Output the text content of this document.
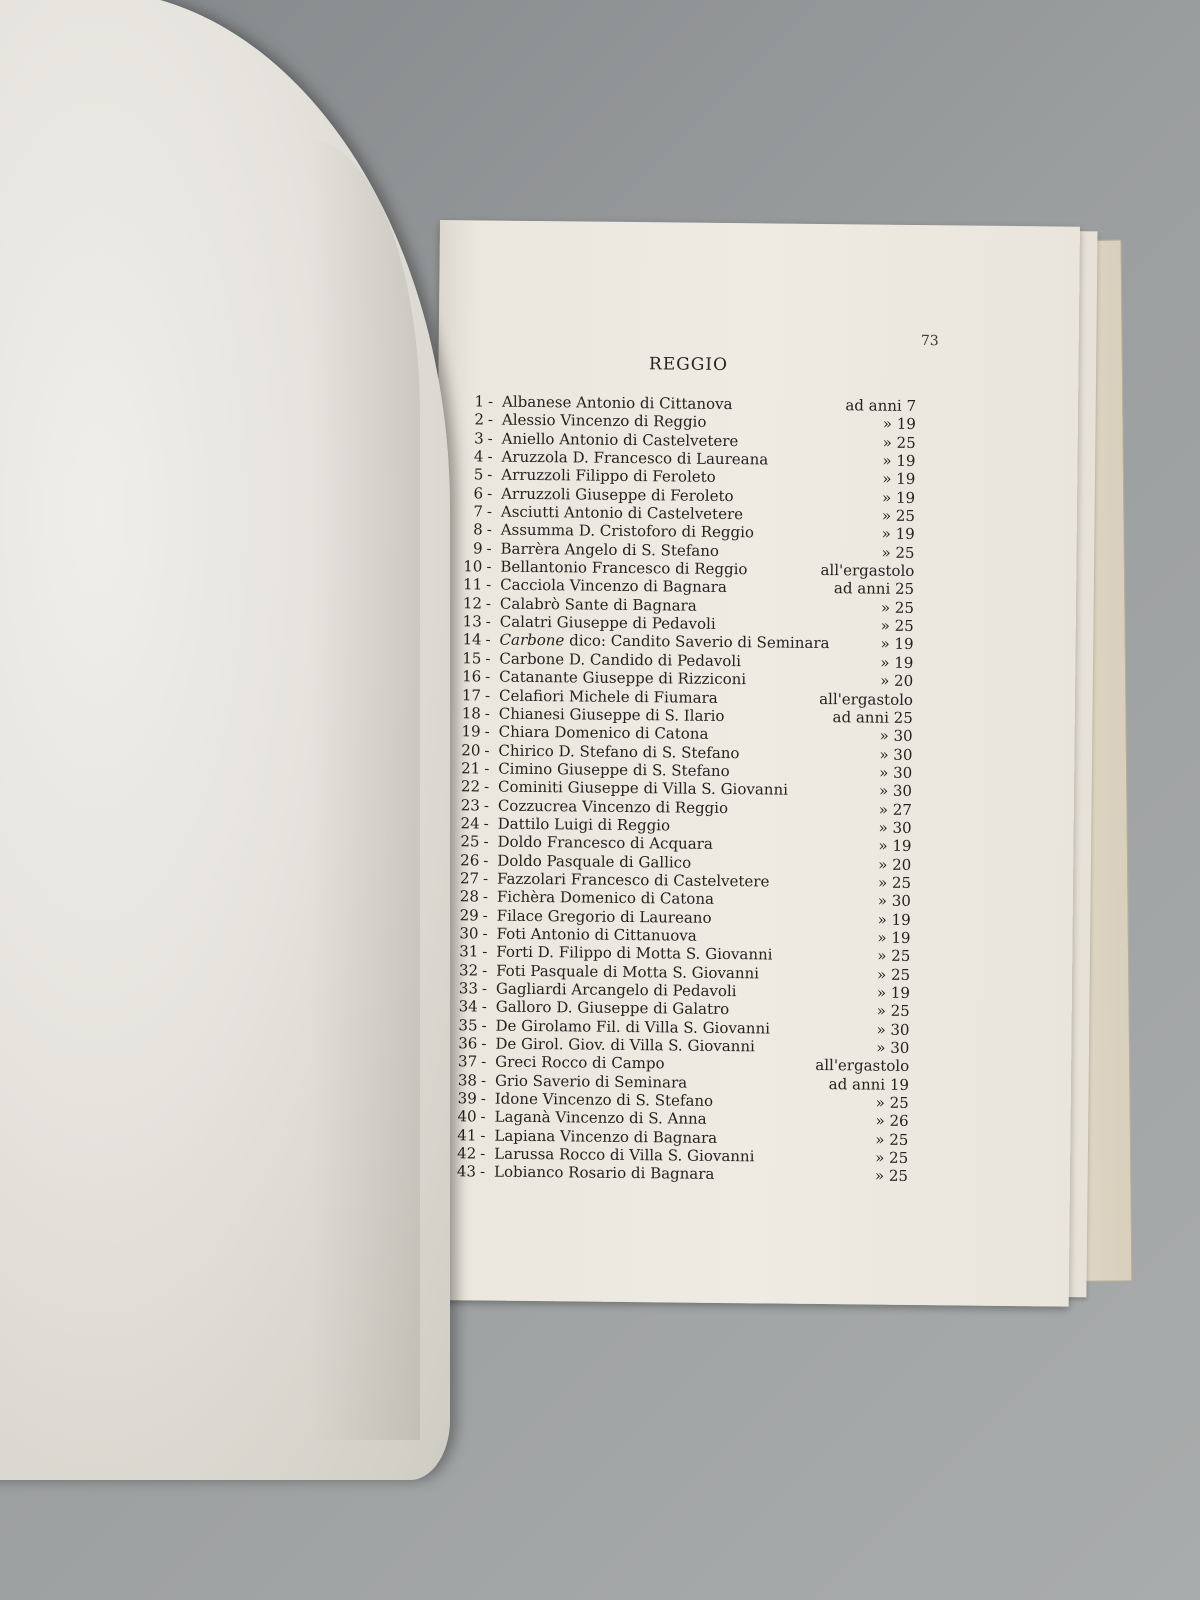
73
REGGIO
1 - Albanese Antonio di Cittanova	ad anni 7
2 - Alessio Vincenzo di Reggio	» 19
3 - Aniello Antonio di Castelvetere	» 25
4 - Aruzzola D. Francesco di Laureana	» 19
5 - Arruzzoli Filippo di Feroleto	» 19
6 - Arruzzoli Giuseppe di Feroleto	» 19
7 - Asciutti Antonio di Castelvetere	» 25
8 - Assumma D. Cristoforo di Reggio	» 19
9 - Barrèra Angelo di S. Stefano	» 25
10 - Bellantonio Francesco di Reggio	all'ergastolo
11 - Cacciola Vincenzo di Bagnara	ad anni 25
12 - Calabrò Sante di Bagnara	» 25
13 - Calatri Giuseppe di Pedavoli	» 25
14 - Carbone dico: Candito Saverio di Seminara	» 19
15 - Carbone D. Candido di Pedavoli	» 19
16 - Catanante Giuseppe di Rizziconi	» 20
17 - Celafiori Michele di Fiumara	all'ergastolo
18 - Chianesi Giuseppe di S. Ilario	ad anni 25
19 - Chiara Domenico di Catona	» 30
20 - Chirico D. Stefano di S. Stefano	» 30
21 - Cimino Giuseppe di S. Stefano	» 30
22 - Cominiti Giuseppe di Villa S. Giovanni	» 30
23 - Cozzucrea Vincenzo di Reggio	» 27
24 - Dattilo Luigi di Reggio	» 30
25 - Doldo Francesco di Acquara	» 19
26 - Doldo Pasquale di Gallico	» 20
27 - Fazzolari Francesco di Castelvetere	» 25
28 - Fichèra Domenico di Catona	» 30
29 - Filace Gregorio di Laureano	» 19
30 - Foti Antonio di Cittanuova	» 19
31 - Forti D. Filippo di Motta S. Giovanni	» 25
32 - Foti Pasquale di Motta S. Giovanni	» 25
33 - Gagliardi Arcangelo di Pedavoli	» 19
34 - Galloro D. Giuseppe di Galatro	» 25
35 - De Girolamo Fil. di Villa S. Giovanni	» 30
36 - De Girol. Giov. di Villa S. Giovanni	» 30
37 - Greci Rocco di Campo	all'ergastolo
38 - Grio Saverio di Seminara	ad anni 19
39 - Idone Vincenzo di S. Stefano	» 25
40 - Laganà Vincenzo di S. Anna	» 26
41 - Lapiana Vincenzo di Bagnara	» 25
42 - Larussa Rocco di Villa S. Giovanni	» 25
43 - Lobianco Rosario di Bagnara	» 25
